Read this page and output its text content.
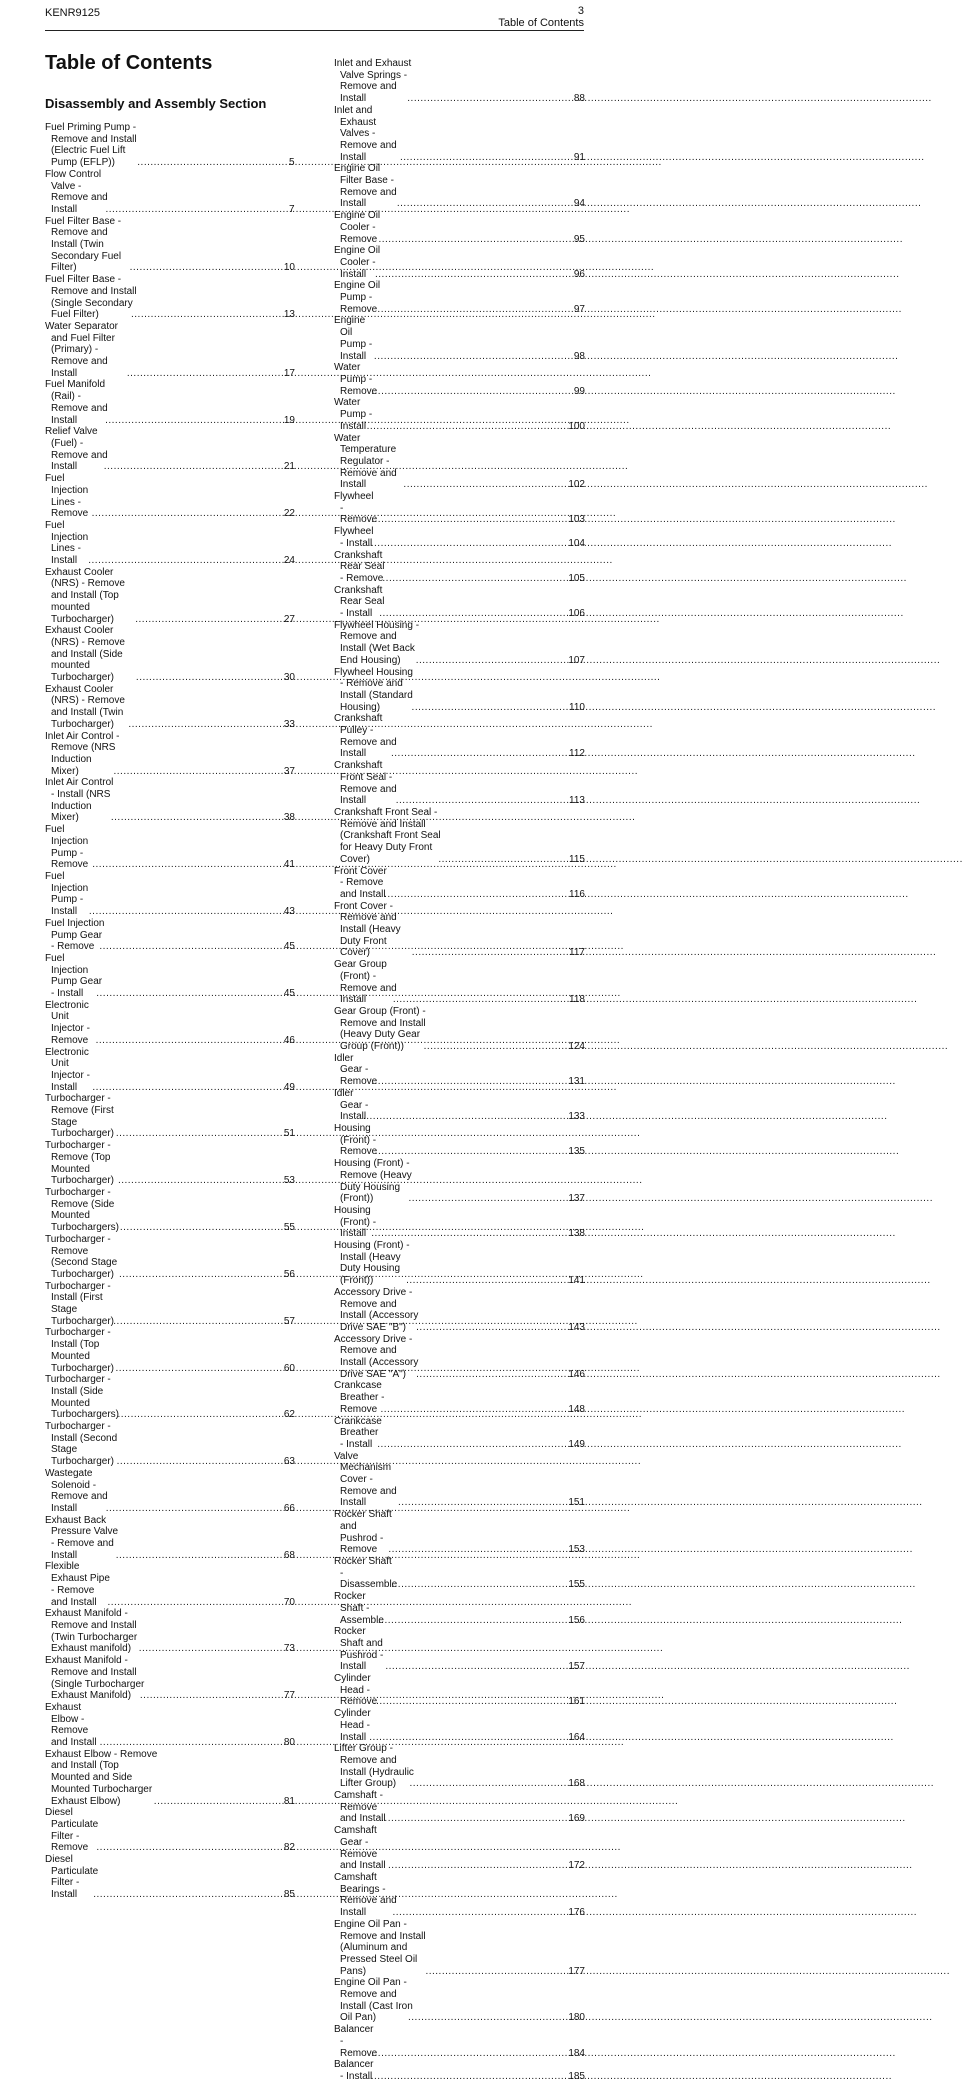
KENR9125	3
Table of Contents
Table of Contents
Disassembly and Assembly Section
Fuel Priming Pump - Remove and Install (Electric Fuel Lift Pump (EFLP)) .....	5
Flow Control Valve - Remove and Install .....	7
Fuel Filter Base - Remove and Install (Twin Secondary Fuel Filter) .....	10
Fuel Filter Base - Remove and Install (Single Secondary Fuel Filter) .....	13
Water Separator and Fuel Filter (Primary) - Remove and Install .....	17
Fuel Manifold (Rail) - Remove and Install .....	19
Relief Valve (Fuel) - Remove and Install .....	21
Fuel Injection Lines - Remove .....	22
Fuel Injection Lines - Install .....	24
Exhaust Cooler (NRS) - Remove and Install (Top mounted Turbocharger) .....	27
Exhaust Cooler (NRS) - Remove and Install (Side mounted Turbocharger) .....	30
Exhaust Cooler (NRS) - Remove and Install (Twin Turbocharger) .....	33
Inlet Air Control - Remove (NRS Induction Mixer) .....	37
Inlet Air Control - Install (NRS Induction Mixer) .....	38
Fuel Injection Pump - Remove .....	41
Fuel Injection Pump - Install .....	43
Fuel Injection Pump Gear - Remove .....	45
Fuel Injection Pump Gear - Install .....	45
Electronic Unit Injector - Remove .....	46
Electronic Unit Injector - Install .....	49
Turbocharger - Remove (First Stage Turbocharger) .....	51
Turbocharger - Remove (Top Mounted Turbocharger) .....	53
Turbocharger - Remove (Side Mounted Turbochargers) .....	55
Turbocharger - Remove (Second Stage Turbocharger) .....	56
Turbocharger - Install (First Stage Turbocharger) .....	57
Turbocharger - Install (Top Mounted Turbocharger) .....	60
Turbocharger - Install (Side Mounted Turbochargers) .....	62
Turbocharger - Install (Second Stage Turbocharger) .....	63
Wastegate Solenoid - Remove and Install .....	66
Exhaust Back Pressure Valve - Remove and Install .....	68
Flexible Exhaust Pipe - Remove and Install .....	70
Exhaust Manifold - Remove and Install (Twin Turbocharger Exhaust manifold) .....	73
Exhaust Manifold - Remove and Install (Single Turbocharger Exhaust Manifold) .....	77
Exhaust Elbow - Remove and Install .....	80
Exhaust Elbow - Remove and Install (Top Mounted and Side Mounted Turbocharger Exhaust Elbow) .....	81
Diesel Particulate Filter - Remove .....	82
Diesel Particulate Filter - Install .....	85
Inlet and Exhaust Valve Springs - Remove and Install .....	88
Inlet and Exhaust Valves - Remove and Install .....	91
Engine Oil Filter Base - Remove and Install .....	94
Engine Oil Cooler - Remove .....	95
Engine Oil Cooler - Install .....	96
Engine Oil Pump - Remove .....	97
Engine Oil Pump - Install .....	98
Water Pump - Remove .....	99
Water Pump - Install .....	100
Water Temperature Regulator - Remove and Install .....	102
Flywheel - Remove .....	103
Flywheel - Install .....	104
Crankshaft Rear Seal - Remove .....	105
Crankshaft Rear Seal - Install .....	106
Flywheel Housing - Remove and Install (Wet Back End Housing) .....	107
Flywheel Housing - Remove and Install (Standard Housing) .....	110
Crankshaft Pulley - Remove and Install .....	112
Crankshaft Front Seal - Remove and Install .....	113
Crankshaft Front Seal - Remove and Install (Crankshaft Front Seal for Heavy Duty Front Cover) .....	115
Front Cover - Remove and Install .....	116
Front Cover - Remove and Install (Heavy Duty Front Cover) .....	117
Gear Group (Front) - Remove and Install .....	118
Gear Group (Front) - Remove and Install (Heavy Duty Gear Group (Front)) .....	124
Idler Gear - Remove .....	131
Idler Gear - Install .....	133
Housing (Front) - Remove .....	135
Housing (Front) - Remove (Heavy Duty Housing (Front)) .....	137
Housing (Front) - Install .....	138
Housing (Front) - Install (Heavy Duty Housing (Front)) .....	141
Accessory Drive - Remove and Install (Accessory Drive SAE "B") .....	143
Accessory Drive - Remove and Install (Accessory Drive SAE "A") .....	146
Crankcase Breather - Remove .....	148
Crankcase Breather - Install .....	149
Valve Mechanism Cover - Remove and Install .....	151
Rocker Shaft and Pushrod - Remove .....	153
Rocker Shaft - Disassemble .....	155
Rocker Shaft - Assemble .....	156
Rocker Shaft and Pushrod - Install .....	157
Cylinder Head - Remove .....	161
Cylinder Head - Install .....	164
Lifter Group - Remove and Install (Hydraulic Lifter Group) .....	168
Camshaft - Remove and Install .....	169
Camshaft Gear - Remove and Install .....	172
Camshaft Bearings - Remove and Install .....	176
Engine Oil Pan - Remove and Install (Aluminum and Pressed Steel Oil Pans) .....	177
Engine Oil Pan - Remove and Install (Cast Iron Oil Pan) .....	180
Balancer - Remove .....	184
Balancer - Install .....	185
